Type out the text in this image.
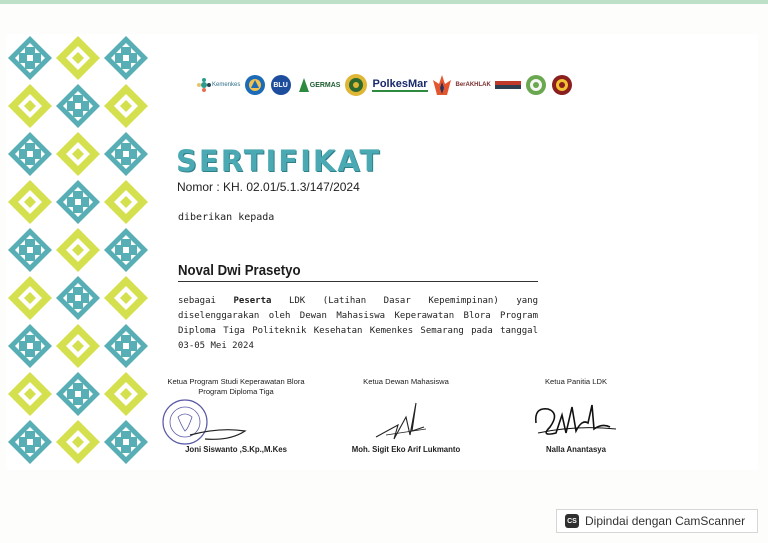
Kemenkes	BLU	GERMAS	PolkesMar	BerAKHLAK
SERTIFIKAT
Nomor : KH. 02.01/5.1.3/147/2024
diberikan kepada
Noval Dwi Prasetyo
sebagai Peserta LDK (Latihan Dasar Kepemimpinan) yang diselenggarakan oleh Dewan Mahasiswa Keperawatan Blora Program Diploma Tiga Politeknik Kesehatan Kemenkes Semarang pada tanggal 03-05 Mei 2024
Ketua Program Studi Keperawatan Blora Program Diploma Tiga
Joni Siswanto ,S.Kp.,M.Kes
Ketua Dewan Mahasiswa
Moh. Sigit Eko Arif Lukmanto
Ketua Panitia LDK
Nalla Anantasya
CS Dipindai dengan CamScanner
